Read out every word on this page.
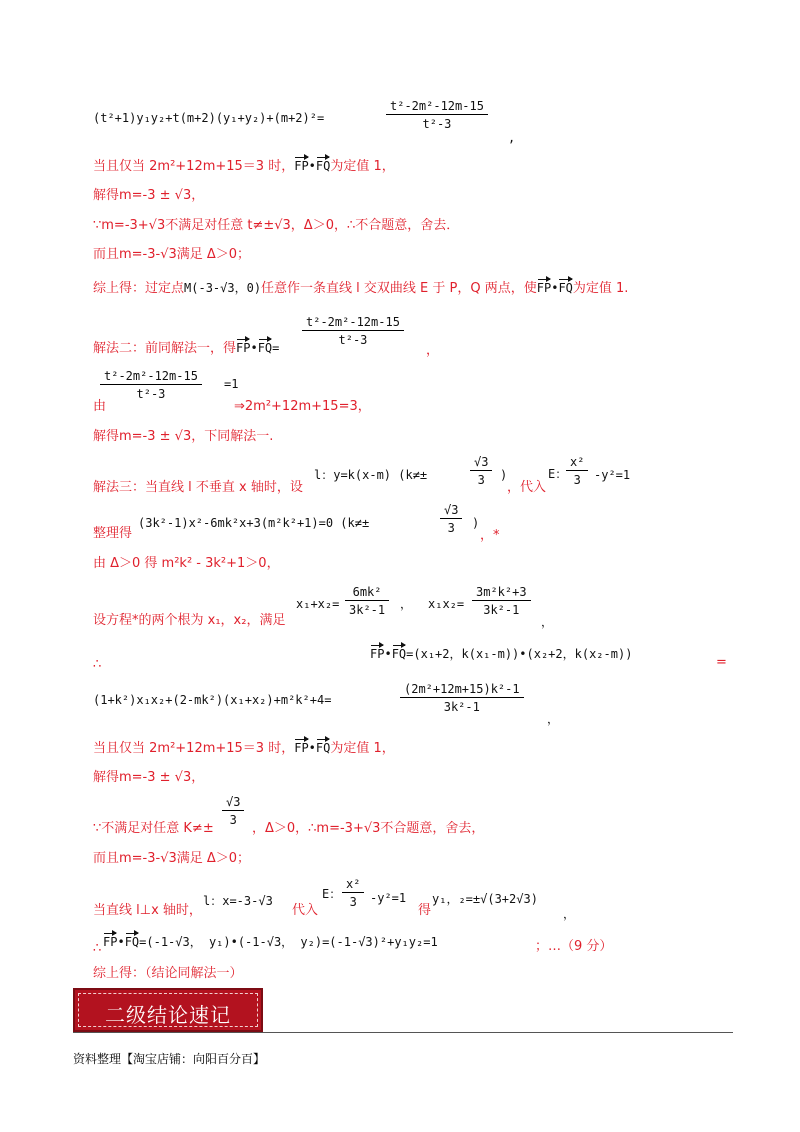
(t²+1)y₁y₂+t(m+2)(y₁+y₂)+(m+2)²=	$\frac{\text{t²-2m²-12m-15}}{\text{t²-3}}$
,
当且仅当 2m²+12m+15＝3 时，FP•FQ为定值 1，
解得m=-3 ± √3，
∵m=-3+√3不满足对任意 t≠±√3，Δ＞0，∴不合题意，舍去．
而且m=-3-√3满足 Δ＞0；
综上得：过定点M(-3-√3，0)任意作一条直线 l 交双曲线 E 于 P，Q 两点，使FP•FQ为定值 1.
解法二：前同解法一，得FP•FQ=
$\frac{\text{t²-2m²-12m-15}}{\text{t²-3}}$
，
$\frac{\text{t²-2m²-12m-15}}{\text{t²-3}} =1$
由	⇒2m²+12m+15=3，
解得m=-3 ± √3，下同解法一.
解法三：当直线 l 不垂直 x 轴时，设
l：y=k(x-m) (k≠±	$\frac{√3}{3}$ )
，代入
E：
$\frac{\text{x²}}{3} -y^2=1$
整理得
(3k²-1)x²-6mk²x+3(m²k²+1)=0 (k≠±	$\frac{√3}{3}$ )
，*
由 Δ＞0 得 m²k² - 3k²+1＞0，
设方程*的两个根为 x₁，x₂，满足
$x_1+x_2= \frac{\text{6mk²}}{\text{3k²-1}}$ ， $x_1x_2= \frac{\text{3m²k²+3}}{\text{3k²-1}}$
，
∴
FP•FQ=(x₁+2，k(x₁-m))•(x₂+2，k(x₂-m))
=
(1+k²)x₁x₂+(2-mk²)(x₁+x₂)+m²k²+4=	$\frac{\text{(2m²+12m+15)k²-1}}{\text{3k²-1}}$
，
当且仅当 2m²+12m+15＝3 时，FP•FQ为定值 1，
解得m=-3 ± √3，
∵不满足对任意 K≠±
$\frac{√3}{3}$
，Δ＞0，∴m=-3+√3不合题意，舍去，
而且m=-3-√3满足 Δ＞0；
当直线 l⊥x 轴时，
l：x=-3-√3
代入
E： $\frac{\text{x²}}{3} -y^2=1$
得
y₁，₂=±√(3+2√3)
，
∴ FP•FQ=(-1-√3， y₁)•(-1-√3， y₂)=(-1-√3)²+y₁y₂=1	；…（9 分）
综上得：（结论同解法一）
二级结论速记
资料整理【淘宝店铺：向阳百分百】
